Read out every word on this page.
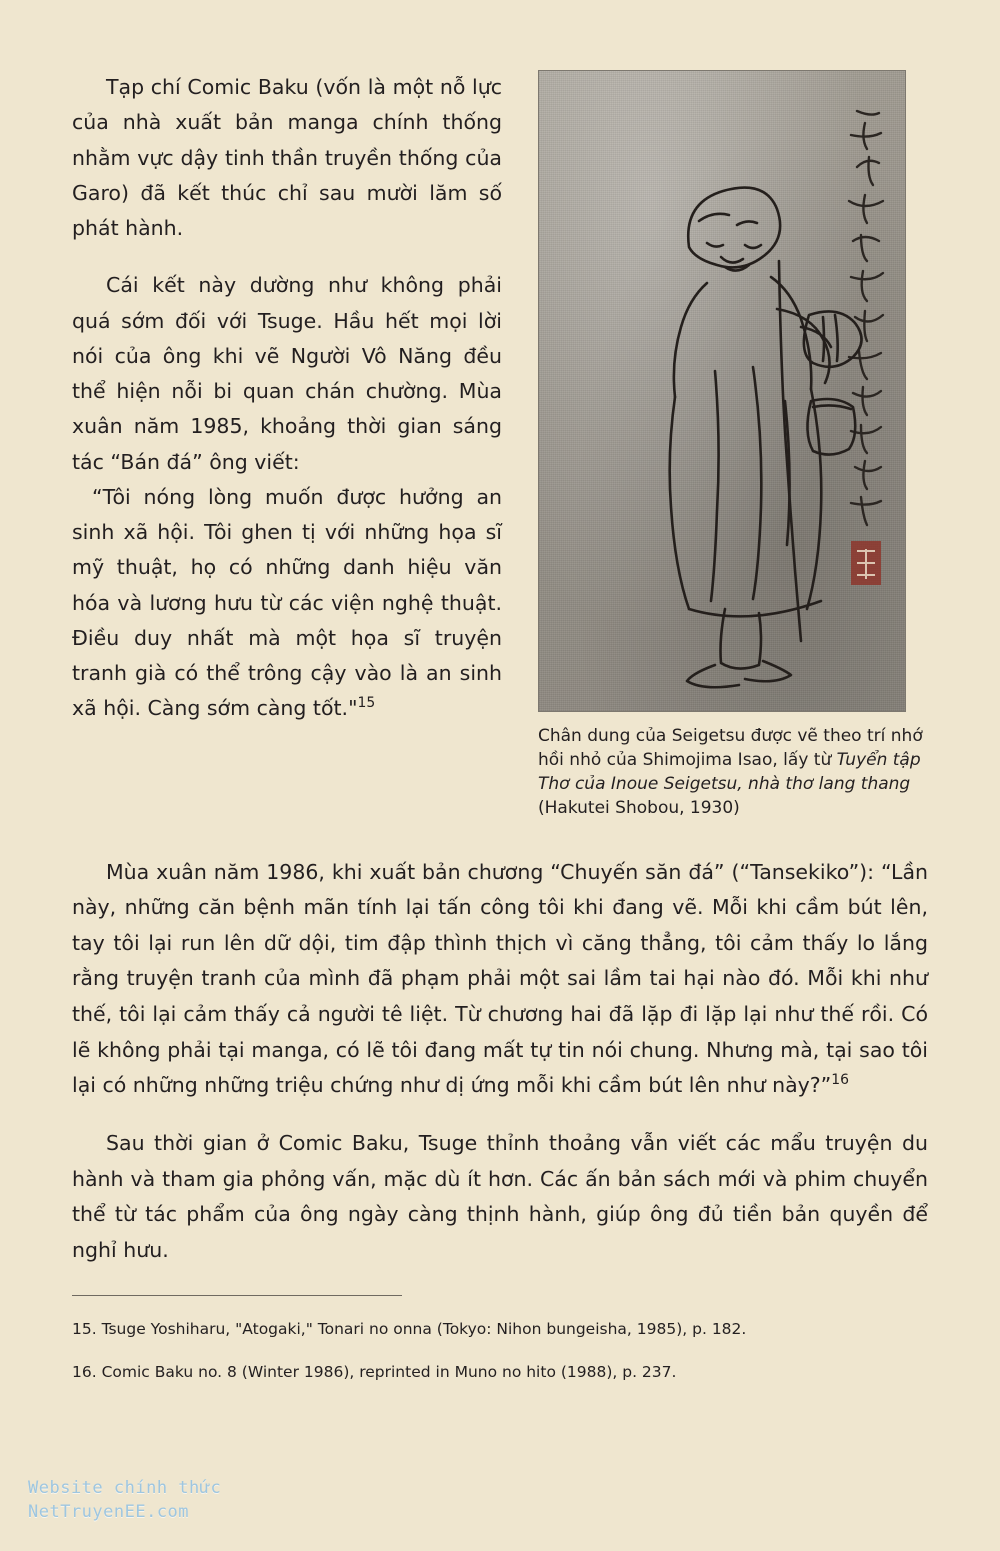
Chân dung của Seigetsu được vẽ theo trí nhớ hồi nhỏ của Shimojima Isao, lấy từ Tuyển tập Thơ của Inoue Seigetsu, nhà thơ lang thang (Hakutei Shobou, 1930)

Tạp chí Comic Baku (vốn là một nỗ lực của nhà xuất bản manga chính thống nhằm vực dậy tinh thần truyền thống của Garo) đã kết thúc chỉ sau mười lăm số phát hành.

Cái kết này dường như không phải quá sớm đối với Tsuge. Hầu hết mọi lời nói của ông khi vẽ Người Vô Năng đều thể hiện nỗi bi quan chán chường. Mùa xuân năm 1985, khoảng thời gian sáng tác “Bán đá” ông viết:

“Tôi nóng lòng muốn được hưởng an sinh xã hội. Tôi ghen tị với những họa sĩ mỹ thuật, họ có những danh hiệu văn hóa và lương hưu từ các viện nghệ thuật. Điều duy nhất mà một họa sĩ truyện tranh già có thể trông cậy vào là an sinh xã hội. Càng sớm càng tốt."$^{15}$

Mùa xuân năm 1986, khi xuất bản chương “Chuyến săn đá” (“Tansekiko”): “Lần này, những căn bệnh mãn tính lại tấn công tôi khi đang vẽ. Mỗi khi cầm bút lên, tay tôi lại run lên dữ dội, tim đập thình thịch vì căng thẳng, tôi cảm thấy lo lắng rằng truyện tranh của mình đã phạm phải một sai lầm tai hại nào đó. Mỗi khi như thế, tôi lại cảm thấy cả người tê liệt. Từ chương hai đã lặp đi lặp lại như thế rồi. Có lẽ không phải tại manga, có lẽ tôi đang mất tự tin nói chung. Nhưng mà, tại sao tôi lại có những những triệu chứng như dị ứng mỗi khi cầm bút lên như này?”$^{16}$

Sau thời gian ở Comic Baku, Tsuge thỉnh thoảng vẫn viết các mẩu truyện du hành và tham gia phỏng vấn, mặc dù ít hơn. Các ấn bản sách mới và phim chuyển thể từ tác phẩm của ông ngày càng thịnh hành, giúp ông đủ tiền bản quyền để nghỉ hưu.

15. Tsuge Yoshiharu, "Atogaki," Tonari no onna (Tokyo: Nihon bungeisha, 1985), p. 182.

16. Comic Baku no. 8 (Winter 1986), reprinted in Muno no hito (1988), p. 237.

Website chính thức
NetTruyenEE.com
